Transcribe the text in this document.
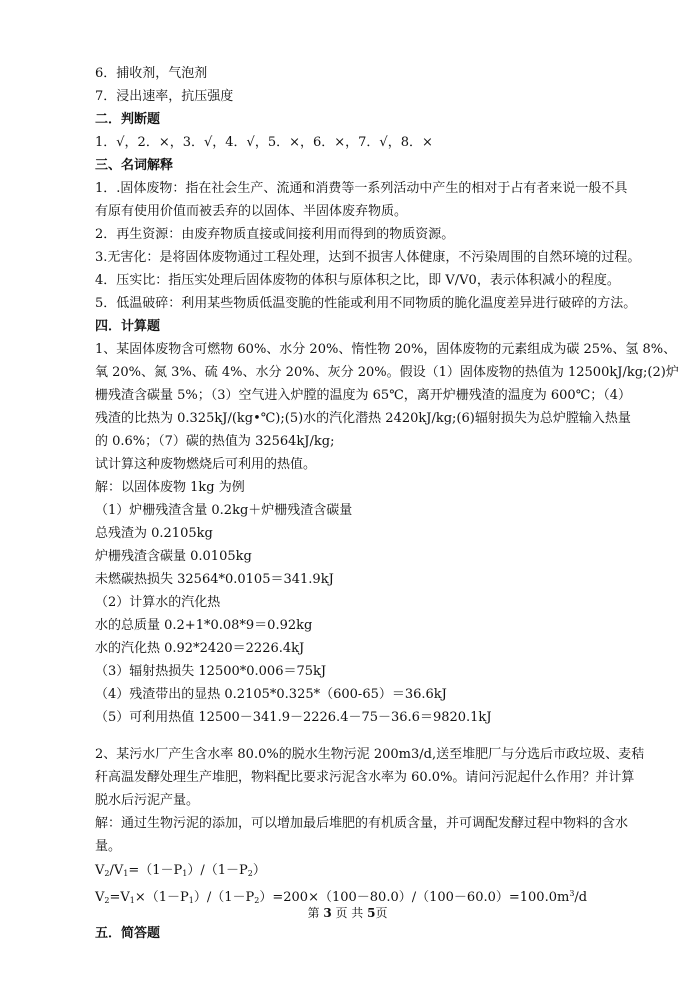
6．捕收剂，气泡剂
7．浸出速率，抗压强度
二．判断题
1．√，2．×，3．√，4．√，5．×，6．×，7．√，8．×
三、名词解释
1．.固体废物：指在社会生产、流通和消费等一系列活动中产生的相对于占有者来说一般不具
有原有使用价值而被丢弃的以固体、半固体废弃物质。
2．再生资源：由废弃物质直接或间接利用而得到的物质资源。
3.无害化：是将固体废物通过工程处理，达到不损害人体健康，不污染周围的自然环境的过程。
4．压实比：指压实处理后固体废物的体积与原体积之比，即 V/V0，表示体积减小的程度。
5．低温破碎：利用某些物质低温变脆的性能或利用不同物质的脆化温度差异进行破碎的方法。
四．计算题
1、某固体废物含可燃物 60%、水分 20%、惰性物 20%，固体废物的元素组成为碳 25%、氢 8%、
氧 20%、氮 3%、硫 4%、水分 20%、灰分 20%。假设（1）固体废物的热值为 12500kJ/kg;(2)炉
栅残渣含碳量 5%；（3）空气进入炉膛的温度为 65℃，离开炉栅残渣的温度为 600℃；（4）
残渣的比热为 0.325kJ/(kg•℃);(5)水的汽化潜热 2420kJ/kg;(6)辐射损失为总炉膛输入热量
的 0.6%；（7）碳的热值为 32564kJ/kg;
试计算这种废物燃烧后可利用的热值。
解：以固体废物 1kg 为例
（1）炉栅残渣含量 0.2kg＋炉栅残渣含碳量
总残渣为 0.2105kg
炉栅残渣含碳量 0.0105kg
未燃碳热损失 32564*0.0105＝341.9kJ
（2）计算水的汽化热
水的总质量 0.2+1*0.08*9＝0.92kg
水的汽化热 0.92*2420＝2226.4kJ
（3）辐射热损失 12500*0.006＝75kJ
（4）残渣带出的显热 0.2105*0.325*（600-65）＝36.6kJ
（5）可利用热值 12500－341.9－2226.4－75－36.6＝9820.1kJ
2、某污水厂产生含水率 80.0%的脱水生物污泥 200m3/d,送至堆肥厂与分选后市政垃圾、麦秸
秆高温发酵处理生产堆肥，物料配比要求污泥含水率为 60.0%。请问污泥起什么作用？并计算
脱水后污泥产量。
解：通过生物污泥的添加，可以增加最后堆肥的有机质含量，并可调配发酵过程中物料的含水
量。
$V_2/V_1=(1-P_1)/(1-P_2)$
$V_2=V_1\times(1-P_1)/(1-P_2)=200\times(100-80.0)/(100-60.0)=100.0m^3/d$
五．简答题
第 3 页 共 5页
